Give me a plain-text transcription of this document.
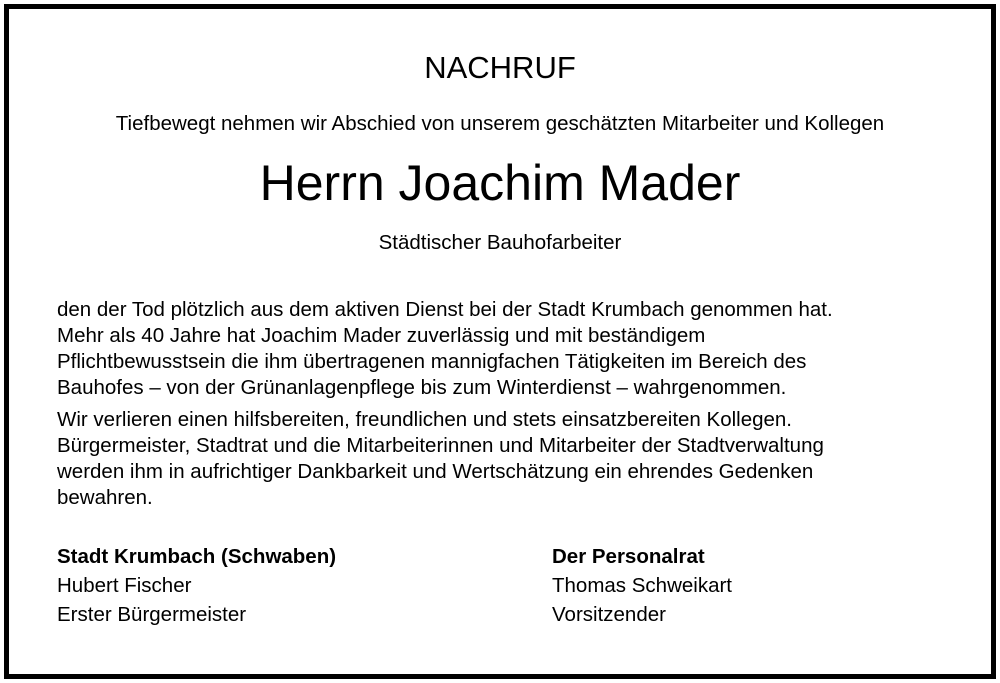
NACHRUF
Tiefbewegt nehmen wir Abschied von unserem geschätzten Mitarbeiter und Kollegen
Herrn Joachim Mader
Städtischer Bauhofarbeiter

den der Tod plötzlich aus dem aktiven Dienst bei der Stadt Krumbach genommen hat.
Mehr als 40 Jahre hat Joachim Mader zuverlässig und mit beständigem
Pflichtbewusstsein die ihm übertragenen mannigfachen Tätigkeiten im Bereich des
Bauhofes – von der Grünanlagenpflege bis zum Winterdienst – wahrgenommen.

Wir verlieren einen hilfsbereiten, freundlichen und stets einsatzbereiten Kollegen.
Bürgermeister, Stadtrat und die Mitarbeiterinnen und Mitarbeiter der Stadtverwaltung
werden ihm in aufrichtiger Dankbarkeit und Wertschätzung ein ehrendes Gedenken
bewahren.

Stadt Krumbach (Schwaben)
Hubert Fischer
Erster Bürgermeister
Der Personalrat
Thomas Schweikart
Vorsitzender
